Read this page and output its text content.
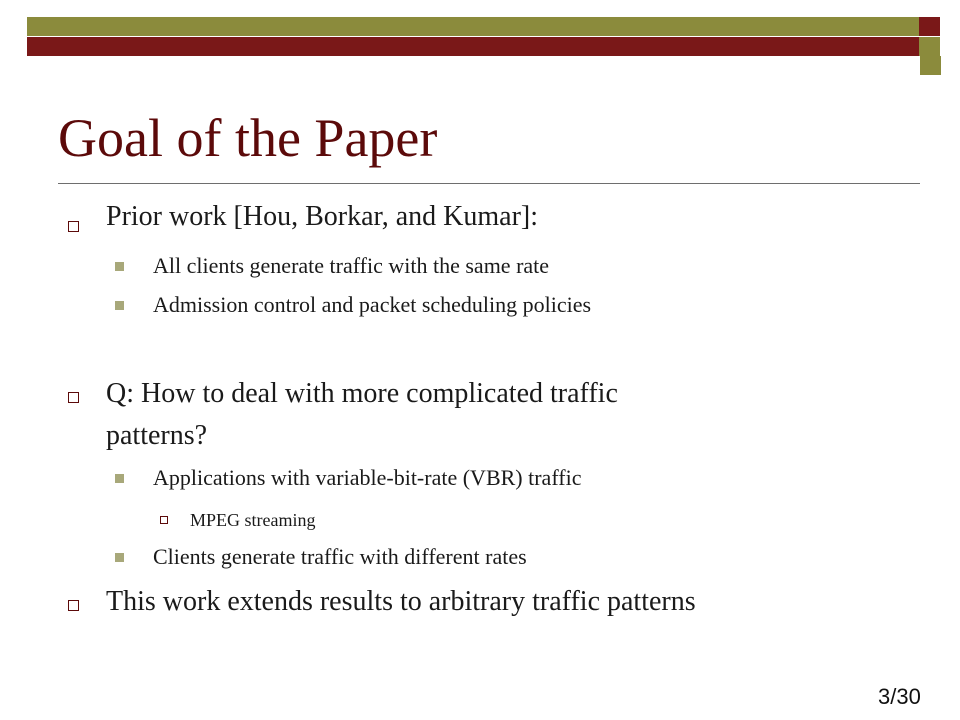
Goal of the Paper
Prior work [Hou, Borkar, and Kumar]:
All clients generate traffic with the same rate
Admission control and packet scheduling policies
Q: How to deal with more complicated traffic
patterns?
Applications with variable-bit-rate (VBR) traffic
MPEG streaming
Clients generate traffic with different rates
This work extends results to arbitrary traffic patterns
3/30
